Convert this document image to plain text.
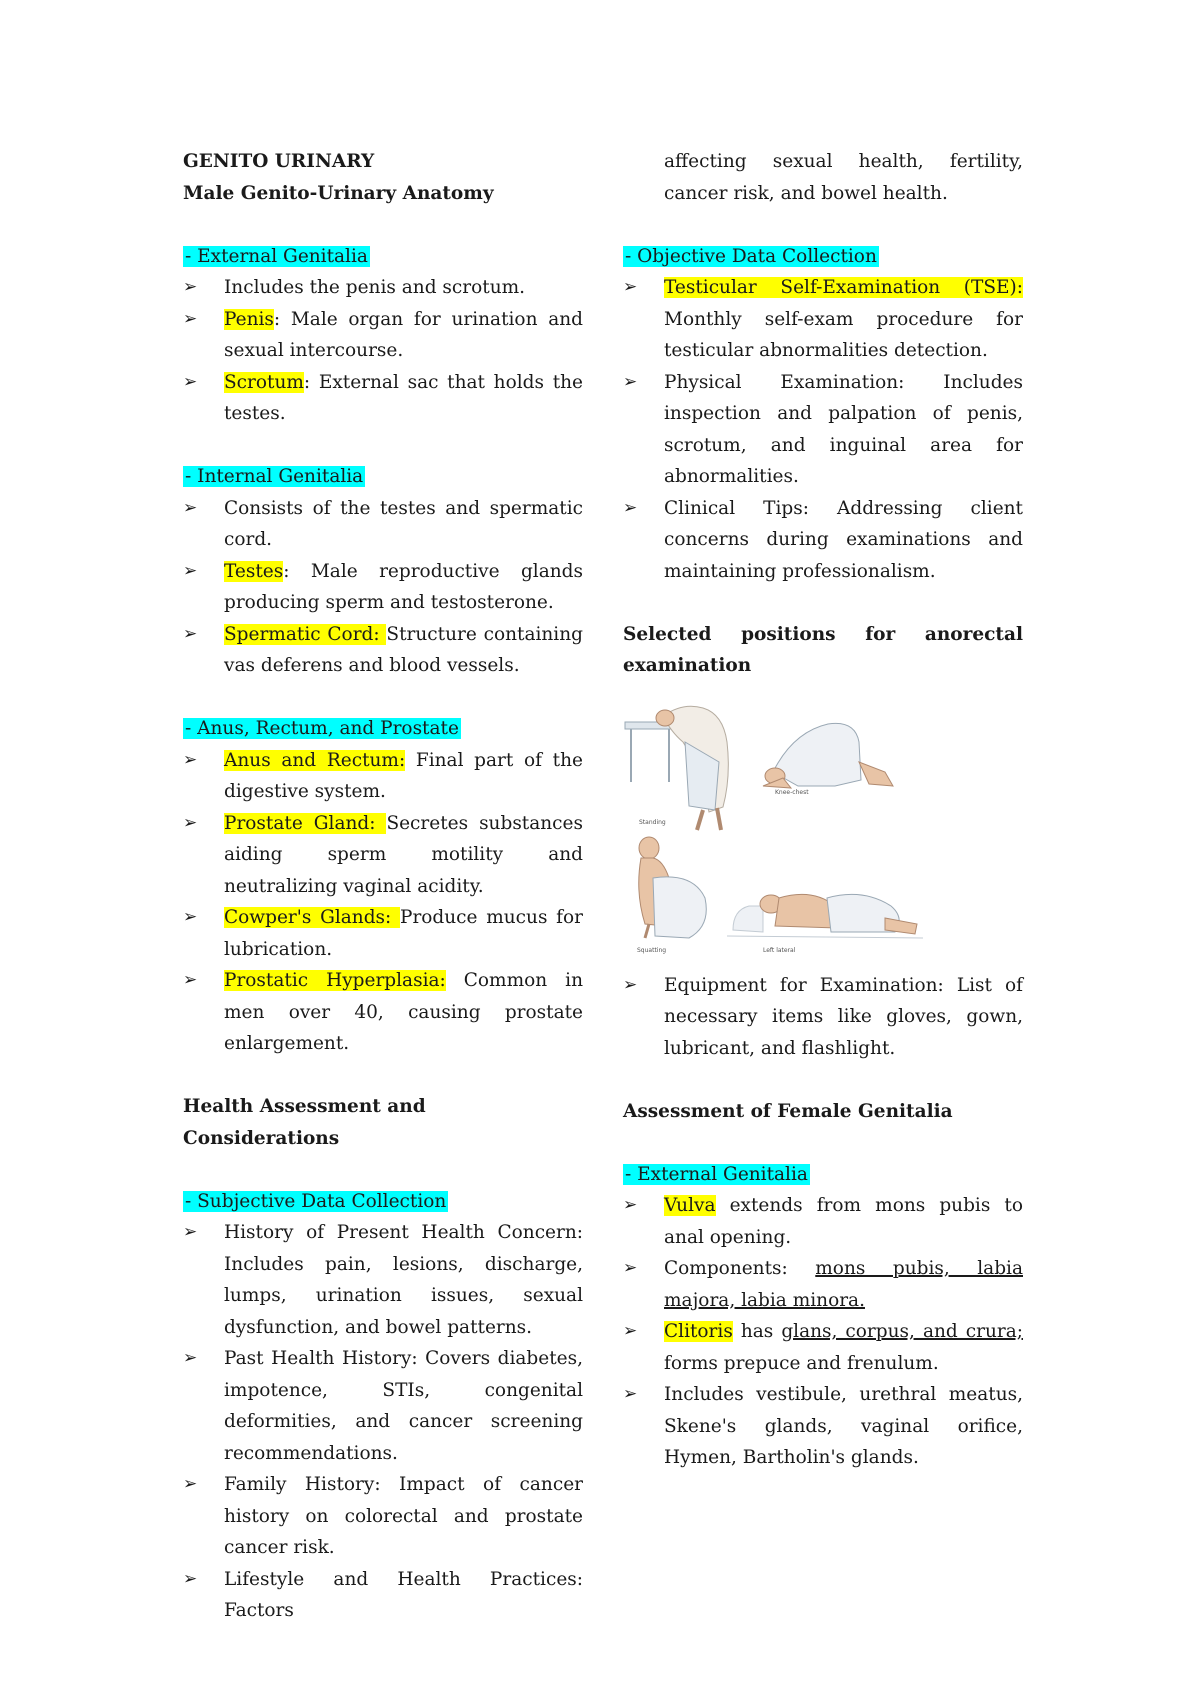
GENITO URINARY
Male Genito-Urinary Anatomy
- External Genitalia
➢ Includes the penis and scrotum.
➢ Penis: Male organ for urination and sexual intercourse.
➢ Scrotum: External sac that holds the testes.
- Internal Genitalia
➢ Consists of the testes and spermatic cord.
➢ Testes: Male reproductive glands producing sperm and testosterone.
➢ Spermatic Cord: Structure containing vas deferens and blood vessels.
- Anus, Rectum, and Prostate
➢ Anus and Rectum: Final part of the digestive system.
➢ Prostate Gland: Secretes substances aiding sperm motility and neutralizing vaginal acidity.
➢ Cowper's Glands: Produce mucus for lubrication.
➢ Prostatic Hyperplasia: Common in men over 40, causing prostate enlargement.
Health Assessment and Considerations
- Subjective Data Collection
➢ History of Present Health Concern: Includes pain, lesions, discharge, lumps, urination issues, sexual dysfunction, and bowel patterns.
➢ Past Health History: Covers diabetes, impotence, STIs, congenital deformities, and cancer screening recommendations.
➢ Family History: Impact of cancer history on colorectal and prostate cancer risk.
➢ Lifestyle and Health Practices: Factors
affecting sexual health, fertility, cancer risk, and bowel health.
- Objective Data Collection
➢ Testicular Self-Examination (TSE): Monthly self-exam procedure for testicular abnormalities detection.
➢ Physical Examination: Includes inspection and palpation of penis, scrotum, and inguinal area for abnormalities.
➢ Clinical Tips: Addressing client concerns during examinations and maintaining professionalism.
Selected positions for anorectal examination
Standing
Knee-chest
Squatting	Left lateral
➢ Equipment for Examination: List of necessary items like gloves, gown, lubricant, and flashlight.
Assessment of Female Genitalia
- External Genitalia
➢ Vulva extends from mons pubis to anal opening.
➢ Components: mons pubis, labia majora, labia minora.
➢ Clitoris has glans, corpus, and crura; forms prepuce and frenulum.
➢ Includes vestibule, urethral meatus, Skene's glands, vaginal orifice, Hymen, Bartholin's glands.
